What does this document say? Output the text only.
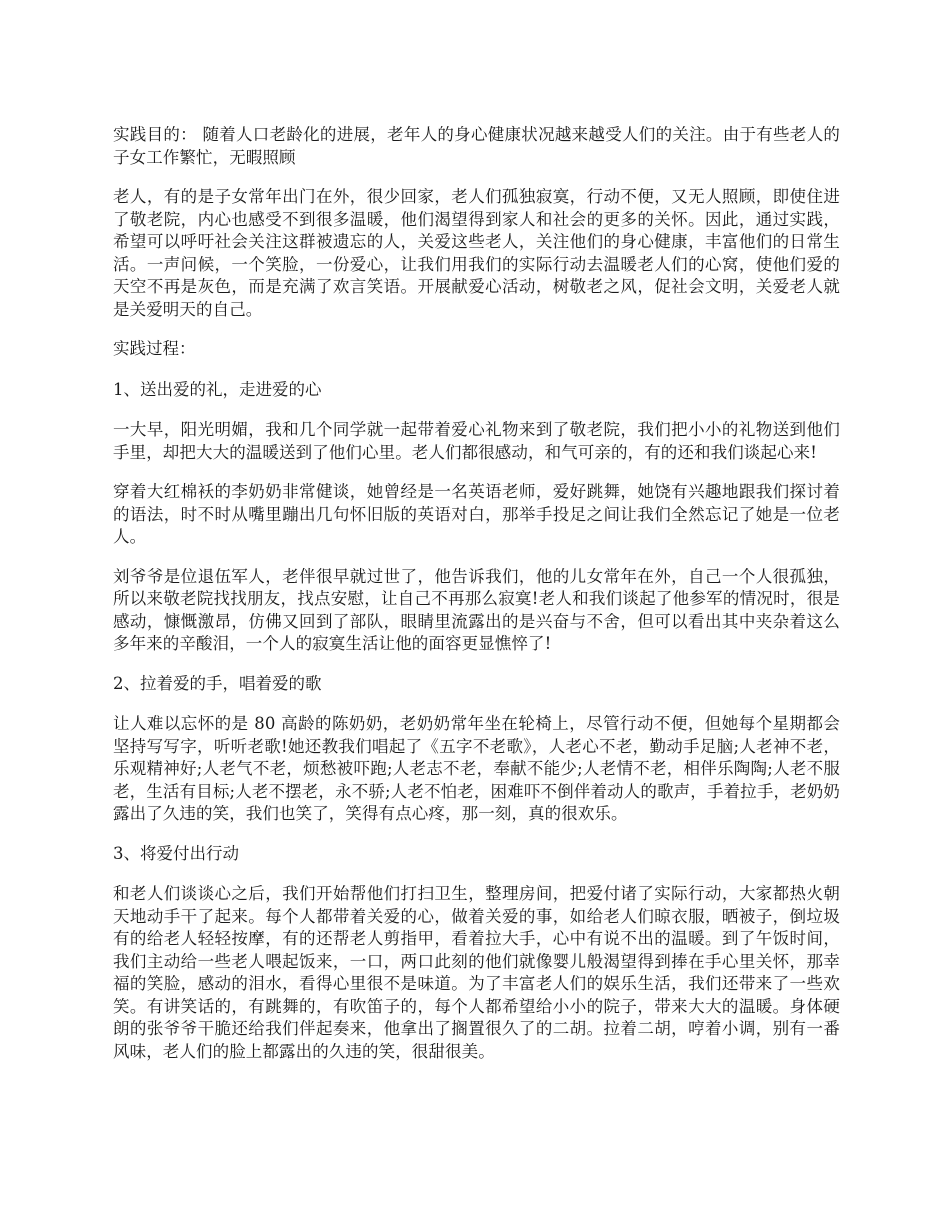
实践目的： 随着人口老龄化的进展，老年人的身心健康状况越来越受人们的关注。由于有些老人的子女工作繁忙，无暇照顾

老人，有的是子女常年出门在外，很少回家，老人们孤独寂寞，行动不便，又无人照顾，即使住进了敬老院，内心也感受不到很多温暖，他们渴望得到家人和社会的更多的关怀。因此，通过实践，希望可以呼吁社会关注这群被遗忘的人，关爱这些老人，关注他们的身心健康，丰富他们的日常生活。一声问候，一个笑脸，一份爱心，让我们用我们的实际行动去温暖老人们的心窝，使他们爱的天空不再是灰色，而是充满了欢言笑语。开展献爱心活动，树敬老之风，促社会文明，关爱老人就是关爱明天的自己。

实践过程：

1、送出爱的礼，走进爱的心

一大早，阳光明媚，我和几个同学就一起带着爱心礼物来到了敬老院，我们把小小的礼物送到他们手里，却把大大的温暖送到了他们心里。老人们都很感动，和气可亲的，有的还和我们谈起心来!

穿着大红棉袄的李奶奶非常健谈，她曾经是一名英语老师，爱好跳舞，她饶有兴趣地跟我们探讨着的语法，时不时从嘴里蹦出几句怀旧版的英语对白，那举手投足之间让我们全然忘记了她是一位老人。

刘爷爷是位退伍军人，老伴很早就过世了，他告诉我们，他的儿女常年在外，自己一个人很孤独，所以来敬老院找找朋友，找点安慰，让自己不再那么寂寞!老人和我们谈起了他参军的情况时，很是感动，慷慨激昂，仿佛又回到了部队，眼睛里流露出的是兴奋与不舍，但可以看出其中夹杂着这么多年来的辛酸泪，一个人的寂寞生活让他的面容更显憔悴了!

2、拉着爱的手，唱着爱的歌

让人难以忘怀的是 80 高龄的陈奶奶，老奶奶常年坐在轮椅上，尽管行动不便，但她每个星期都会坚持写写字，听听老歌!她还教我们唱起了《五字不老歌》，人老心不老，勤动手足脑;人老神不老，乐观精神好;人老气不老，烦愁被吓跑;人老志不老，奉献不能少;人老情不老，相伴乐陶陶;人老不服老，生活有目标;人老不摆老，永不骄;人老不怕老，困难吓不倒伴着动人的歌声，手着拉手，老奶奶露出了久违的笑，我们也笑了，笑得有点心疼，那一刻，真的很欢乐。

3、将爱付出行动

和老人们谈谈心之后，我们开始帮他们打扫卫生，整理房间，把爱付诸了实际行动，大家都热火朝天地动手干了起来。每个人都带着关爱的心，做着关爱的事，如给老人们晾衣服，晒被子，倒垃圾有的给老人轻轻按摩，有的还帮老人剪指甲，看着拉大手，心中有说不出的温暖。到了午饭时间，我们主动给一些老人喂起饭来，一口，两口此刻的他们就像婴儿般渴望得到捧在手心里关怀，那幸福的笑脸，感动的泪水，看得心里很不是味道。为了丰富老人们的娱乐生活，我们还带来了一些欢笑。有讲笑话的，有跳舞的，有吹笛子的，每个人都希望给小小的院子，带来大大的温暖。身体硬朗的张爷爷干脆还给我们伴起奏来，他拿出了搁置很久了的二胡。拉着二胡，哼着小调，别有一番风味，老人们的脸上都露出的久违的笑，很甜很美。
